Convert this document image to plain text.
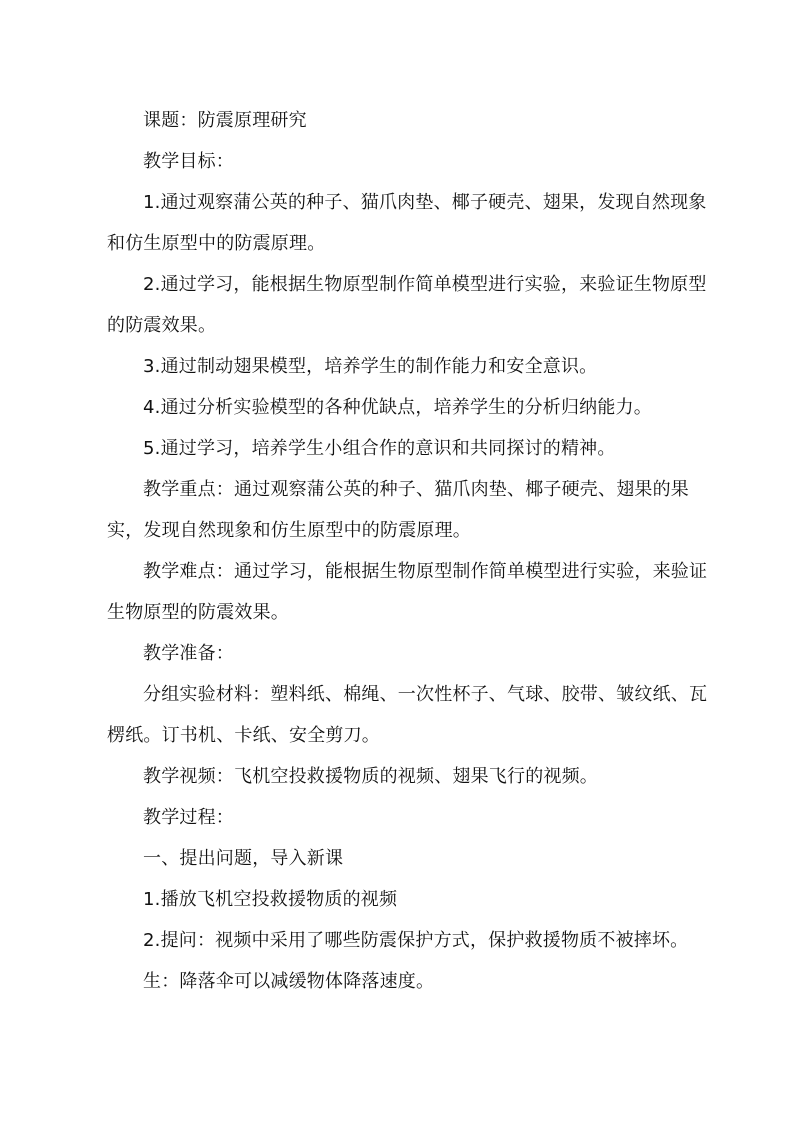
课题：防震原理研究

教学目标：

1.通过观察蒲公英的种子、猫爪肉垫、椰子硬壳、翅果，发现自然现象和仿生原型中的防震原理。

2.通过学习，能根据生物原型制作简单模型进行实验，来验证生物原型的防震效果。

3.通过制动翅果模型，培养学生的制作能力和安全意识。

4.通过分析实验模型的各种优缺点，培养学生的分析归纳能力。

5.通过学习，培养学生小组合作的意识和共同探讨的精神。

教学重点：通过观察蒲公英的种子、猫爪肉垫、椰子硬壳、翅果的果实，发现自然现象和仿生原型中的防震原理。

教学难点：通过学习，能根据生物原型制作简单模型进行实验，来验证生物原型的防震效果。

教学准备：

分组实验材料：塑料纸、棉绳、一次性杯子、气球、胶带、皱纹纸、瓦楞纸。订书机、卡纸、安全剪刀。

教学视频：飞机空投救援物质的视频、翅果飞行的视频。

教学过程：

一、提出问题，导入新课

1.播放飞机空投救援物质的视频

2.提问：视频中采用了哪些防震保护方式，保护救援物质不被摔坏。

生：降落伞可以减缓物体降落速度。
